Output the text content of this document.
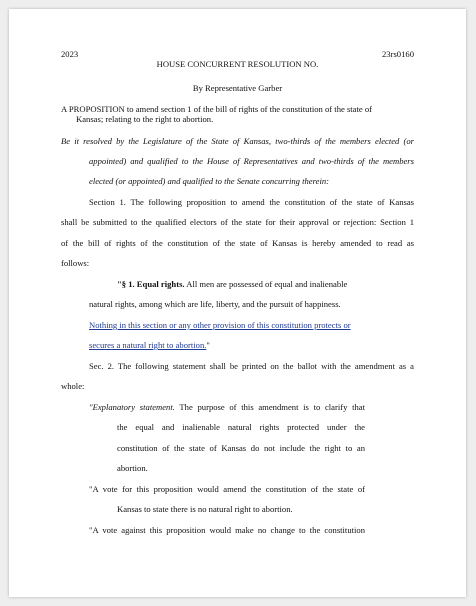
2023	23rs0160
HOUSE CONCURRENT RESOLUTION NO.
By Representative Garber
A PROPOSITION to amend section 1 of the bill of rights of the constitution of the state of
Kansas; relating to the right to abortion.
Be it resolved by the Legislature of the State of Kansas, two-thirds of the members elected (or
appointed) and qualified to the House of Representatives and two-thirds of the members
elected (or appointed) and qualified to the Senate concurring therein:
Section 1. The following proposition to amend the constitution of the state of Kansas
shall be submitted to the qualified electors of the state for their approval or rejection: Section 1
of the bill of rights of the constitution of the state of Kansas is hereby amended to read as
follows:
"§ 1. Equal rights. All men are possessed of equal and inalienable
natural rights, among which are life, liberty, and the pursuit of happiness.
Nothing in this section or any other provision of this constitution protects or
secures a natural right to abortion."
Sec. 2. The following statement shall be printed on the ballot with the amendment as a
whole:
"Explanatory statement. The purpose of this amendment is to clarify that
the equal and inalienable natural rights protected under the
constitution of the state of Kansas do not include the right to an
abortion.
"A vote for this proposition would amend the constitution of the state of
Kansas to state there is no natural right to abortion.
"A vote against this proposition would make no change to the constitution
